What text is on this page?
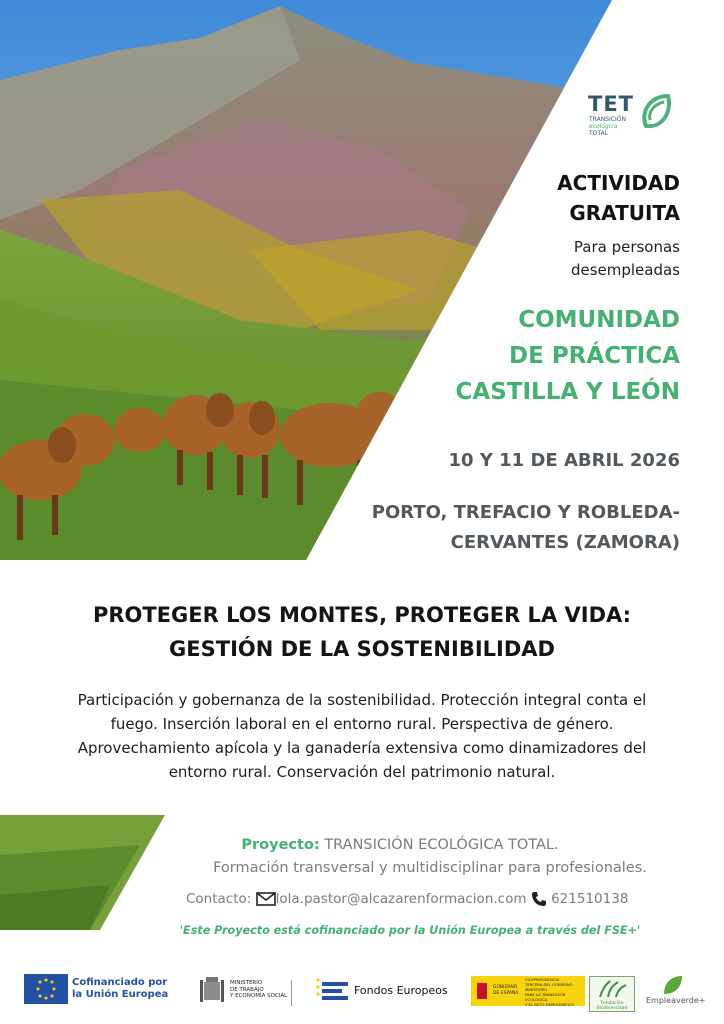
TET
TRANSICIÓN
ecológica
TOTAL
ACTIVIDAD
GRATUITA
Para personas
desempleadas
COMUNIDAD
DE PRÁCTICA
CASTILLA Y LEÓN
10 Y 11 DE ABRIL 2026
PORTO, TREFACIO Y ROBLEDA-
CERVANTES (ZAMORA)
PROTEGER LOS MONTES, PROTEGER LA VIDA:
GESTIÓN DE LA SOSTENIBILIDAD
Participación y gobernanza de la sostenibilidad. Protección integral conta el
fuego. Inserción laboral en el entorno rural. Perspectiva de género.
Aprovechamiento apícola y la ganadería extensiva como dinamizadores del
entorno rural. Conservación del patrimonio natural.
Proyecto: TRANSICIÓN ECOLÓGICA TOTAL.
Formación transversal y multidisciplinar para profesionales.
Contacto: lola.pastor@alcazarenformacion.com 621510138
'Este Proyecto está cofinanciado por la Unión Europea a través del FSE+'
Cofinanciado por
la Unión Europea
MINISTERIO
DE TRABAJO
Y ECONOMÍA SOCIAL	Fondos Europeos	GOBIERNO
DE ESPAÑA
VICEPRESIDENCIA
TERCERA DEL GOBIERNO
MINISTERIO
PARA LA TRANSICIÓN ECOLÓGICA
Y EL RETO DEMOGRÁFICO	Fundación Biodiversidad
Empleaverde+
